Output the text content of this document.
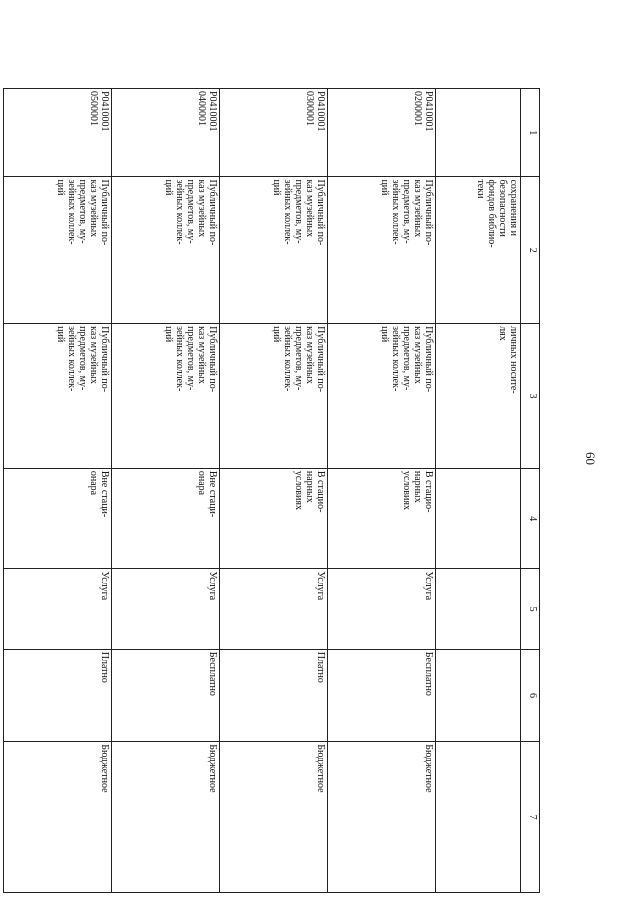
60
1	2	3	4	5	6	7
	сохранения и
безопасности
фондов библио-
теки	личных носите-
лях				
Р0410001
0200001	Публичный по-
каз музейных
предметов, му-
зейных коллек-
ций	Публичный по-
каз музейных
предметов, му-
зейных коллек-
ций	В стацио-
нарных
условиях	Услуга	Бесплатно	Бюджетное
Р0410001
0300001	Публичный по-
каз музейных
предметов, му-
зейных коллек-
ций	Публичный по-
каз музейных
предметов, му-
зейных коллек-
ций	В стацио-
нарных
условиях	Услуга	Платно	Бюджетное
Р0410001
0400001	Публичный по-
каз музейных
предметов, му-
зейных коллек-
ций	Публичный по-
каз музейных
предметов, му-
зейных коллек-
ций	Вне стаци-
онара	Услуга	Бесплатно	Бюджетное
Р0410001
0500001	Публичный по-
каз музейных
предметов, му-
зейных коллек-
ций	Публичный по-
каз музейных
предметов, му-
зейных коллек-
ций	Вне стаци-
онара	Услуга	Платно	Бюджетное
